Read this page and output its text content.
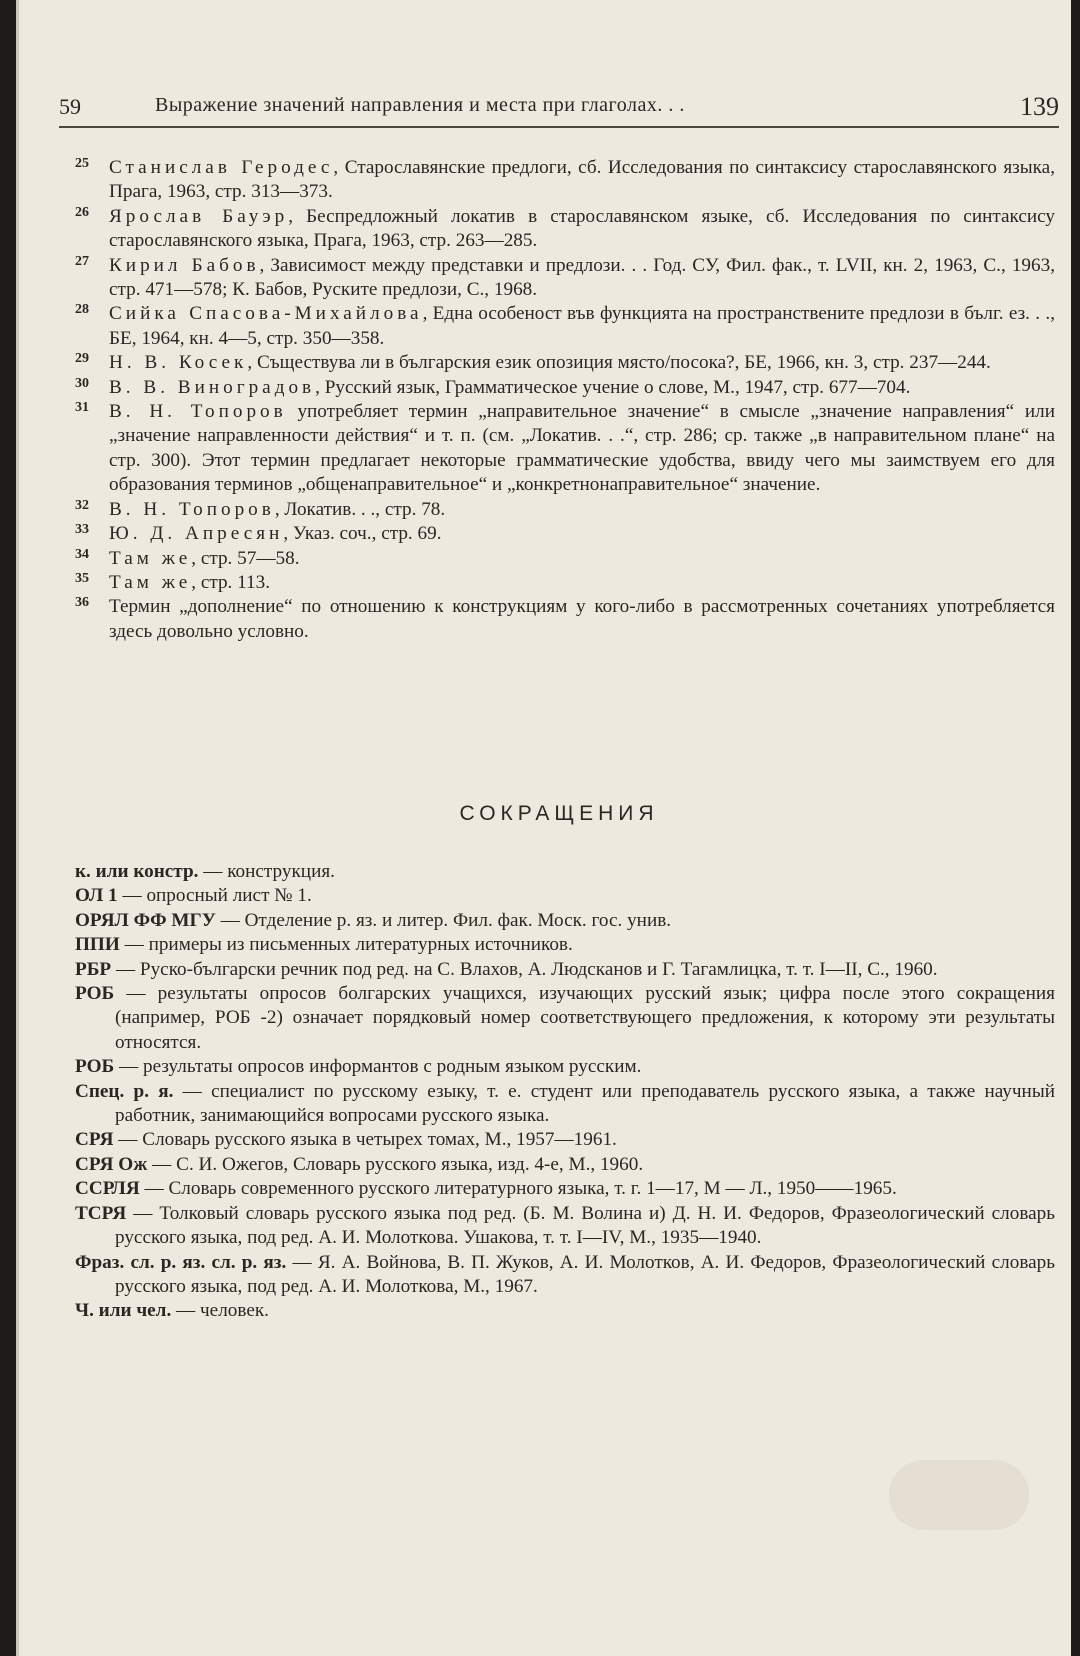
59	Выражение значений направления и места при глаголах. . .	139
25 Станислав Геродес, Старославянские предлоги, сб. Исследования по синтаксису старославянского языка, Прага, 1963, стр. 313—373.
26 Ярослав Бауэр, Беспредложный локатив в старославянском языке, сб. Исследования по синтаксису старославянского языка, Прага, 1963, стр. 263—285.
27 Кирил Бабов, Зависимост между представки и предлози. . . Год. СУ, Фил. фак., т. LVII, кн. 2, 1963, С., 1963, стр. 471—578; К. Бабов, Руските предлози, С., 1968.
28 Сийка Спасова-Михайлова, Една особеност във функцията на пространствените предлози в бълг. ез. . ., БЕ, 1964, кн. 4—5, стр. 350—358.
29 Н. В. Косек, Съществува ли в българския език опозиция място/посока?, БЕ, 1966, кн. 3, стр. 237—244.
30 В. В. Виноградов, Русский язык, Грамматическое учение о слове, М., 1947, стр. 677—704.
31 В. Н. Топоров употребляет термин „направительное значение“ в смысле „значение направления“ или „значение направленности действия“ и т. п. (см. „Локатив. . .“, стр. 286; ср. также „в направительном плане“ на стр. 300). Этот термин предлагает некоторые грамматические удобства, ввиду чего мы заимствуем его для образования терминов „общенаправительное“ и „конкретнонаправительное“ значение.
32 В. Н. Топоров, Локатив. . ., стр. 78.
33 Ю. Д. Апресян, Указ. соч., стр. 69.
34 Там же, стр. 57—58.
35 Там же, стр. 113.
36 Термин „дополнение“ по отношению к конструкциям у кого-либо в рассмотренных сочетаниях употребляется здесь довольно условно.
СОКРАЩЕНИЯ
к. или констр. — конструкция.
ОЛ 1 — опросный лист № 1.
ОРЯЛ ФФ МГУ — Отделение р. яз. и литер. Фил. фак. Моск. гос. унив.
ППИ — примеры из письменных литературных источников.
РБР — Руско-български речник под ред. на С. Влахов, А. Людсканов и Г. Тагамлицка, т. т. I—II, С., 1960.
РОБ — результаты опросов болгарских учащихся, изучающих русский язык; цифра после этого сокращения (например, РОБ -2) означает порядковый номер соответствующего предложения, к которому эти результаты относятся.
РОБ — результаты опросов информантов с родным языком русским.
Спец. р. я. — специалист по русскому езыку, т. е. студент или преподаватель русского языка, а также научный работник, занимающийся вопросами русского языка.
СРЯ — Словарь русского языка в четырех томах, М., 1957—1961.
СРЯ Ож — С. И. Ожегов, Словарь русского языка, изд. 4-е, М., 1960.
ССРЛЯ — Словарь современного русского литературного языка, т. г. 1—17, М — Л., 1950——1965.
ТСРЯ — Толковый словарь русского языка под ред. (Б. М. Волина и) Д. Н. И. Федоров, Фразеологический словарь русского языка, под ред. А. И. Молоткова. Ушакова, т. т. I—IV, М., 1935—1940.
Фраз. сл. р. яз. сл. р. яз. — Я. А. Войнова, В. П. Жуков, А. И. Молотков, А. И. Федоров, Фразеологический словарь русского языка, под ред. А. И. Молоткова, М., 1967.
Ч. или чел. — человек.
